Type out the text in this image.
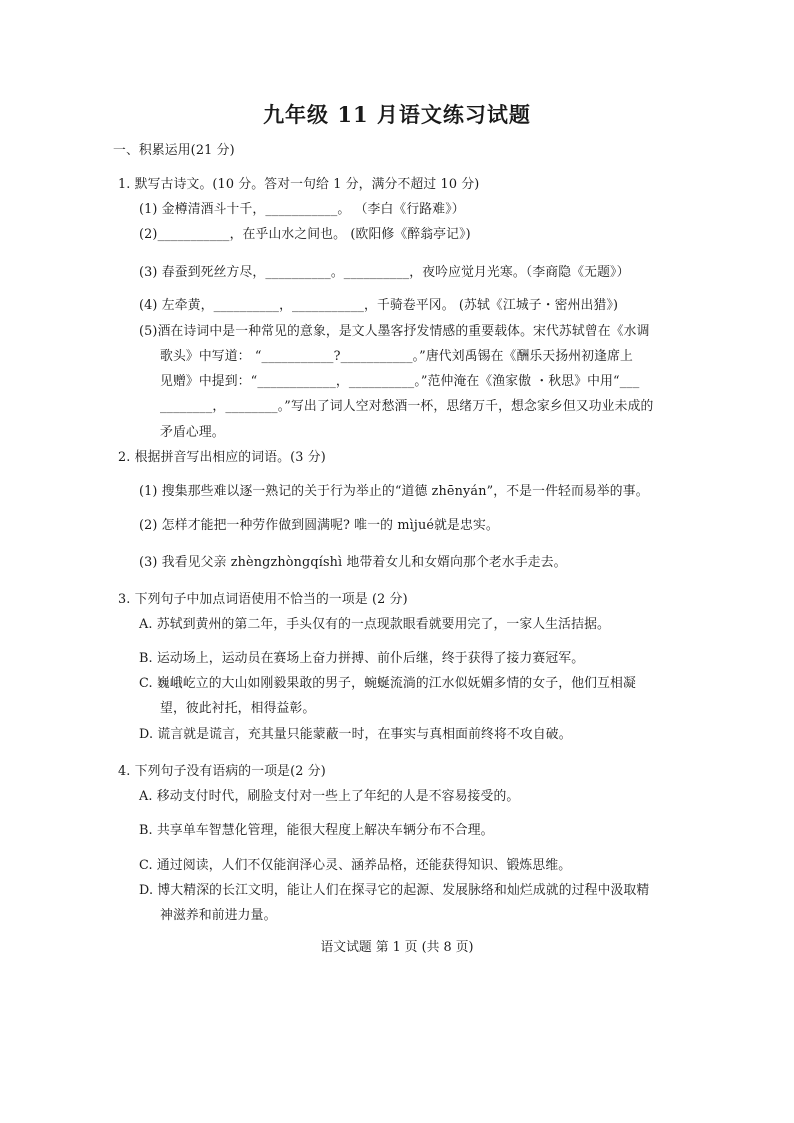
九年级 11 月语文练习试题
一、积累运用(21 分)
1. 默写古诗文。(10 分。答对一句给 1 分，满分不超过 10 分)
(1) 金樽清酒斗十千，___________。 （李白《行路难》）
(2)___________，在乎山水之间也。 (欧阳修《醉翁亭记》)
(3) 春蚕到死丝方尽，__________。__________，夜吟应觉月光寒。（李商隐《无题》）
(4) 左牵黄，__________，___________，千骑卷平冈。 (苏轼《江城子・密州出猎》)
(5)酒在诗词中是一种常见的意象，是文人墨客抒发情感的重要载体。宋代苏轼曾在《水调
歌头》中写道： “___________?___________。”唐代刘禹锡在《酬乐天扬州初逢席上
见赠》中提到：“____________，__________。”范仲淹在《渔家傲 ・秋思》中用“___
________，________。”写出了词人空对愁酒一杯，思绪万千，想念家乡但又功业未成的
矛盾心理。
2. 根据拼音写出相应的词语。(3 分)
(1) 搜集那些难以逐一熟记的关于行为举止的“道德 zhēnyán”，不是一件轻而易举的事。
(2) 怎样才能把一种劳作做到圆满呢? 唯一的 mìjué就是忠实。
(3) 我看见父亲 zhèngzhòngqíshì 地带着女儿和女婿向那个老水手走去。
3. 下列句子中加点词语使用不恰当的一项是 (2 分)
A. 苏轼到黄州的第二年，手头仅有的一点现款眼看就要用完了，一家人生活拮据。
B. 运动场上，运动员在赛场上奋力拼搏、前仆后继，终于获得了接力赛冠军。
C. 巍峨屹立的大山如刚毅果敢的男子，蜿蜒流淌的江水似妩媚多情的女子，他们互相凝
望，彼此衬托，相得益彰。
D. 谎言就是谎言，充其量只能蒙蔽一时，在事实与真相面前终将不攻自破。
4. 下列句子没有语病的一项是(2 分)
A. 移动支付时代，刷脸支付对一些上了年纪的人是不容易接受的。
B. 共享单车智慧化管理，能很大程度上解决车辆分布不合理。
C. 通过阅读，人们不仅能润泽心灵、涵养品格，还能获得知识、锻炼思维。
D. 博大精深的长江文明，能让人们在探寻它的起源、发展脉络和灿烂成就的过程中汲取精
神滋养和前进力量。
语文试题 第 1 页 (共 8 页)
